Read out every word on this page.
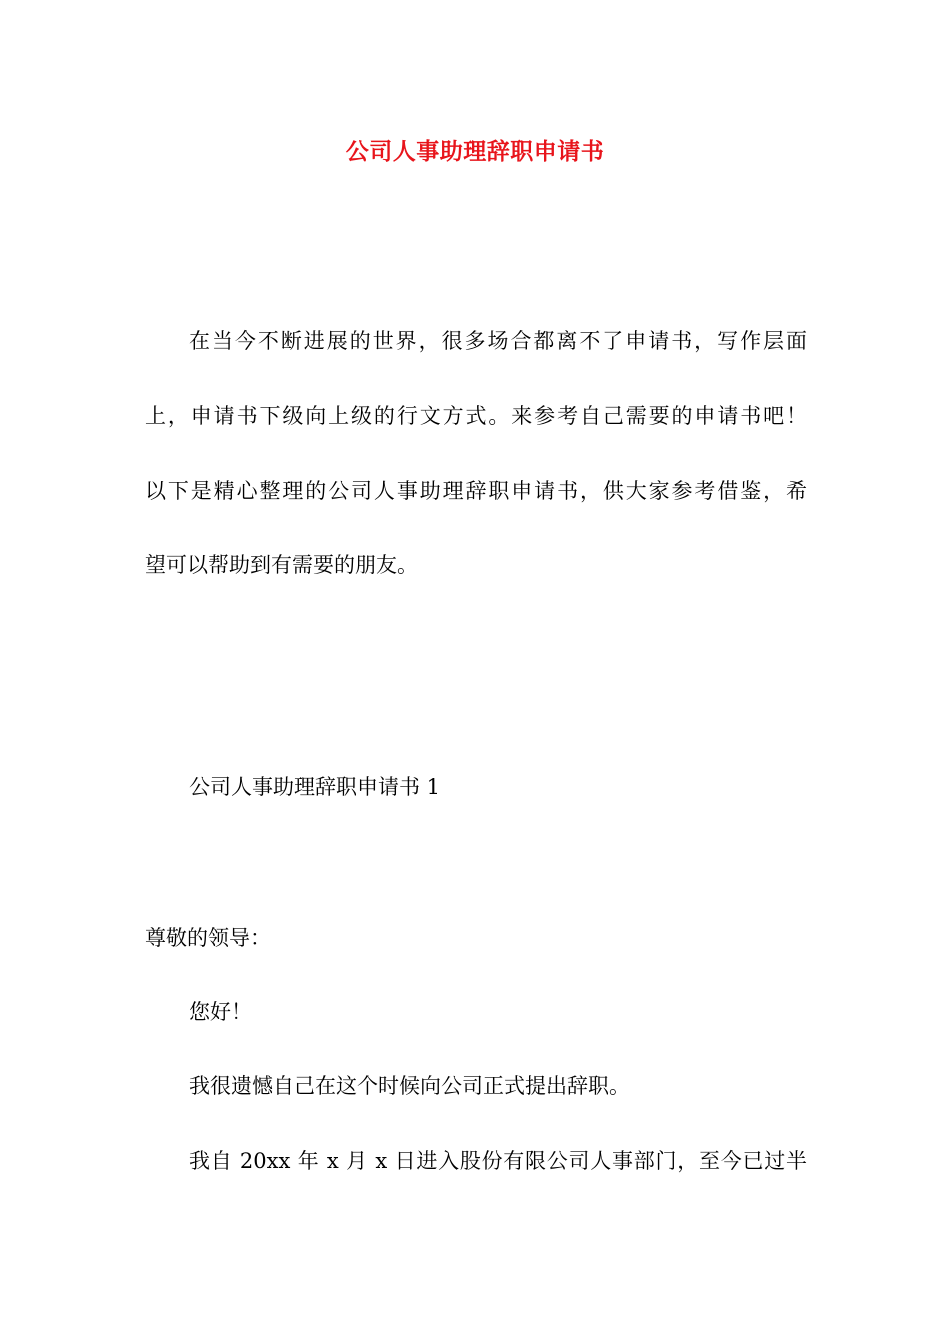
公司人事助理辞职申请书
在当今不断进展的世界，很多场合都离不了申请书，写作层面
上，申请书下级向上级的行文方式。来参考自己需要的申请书吧！
以下是精心整理的公司人事助理辞职申请书，供大家参考借鉴，希
望可以帮助到有需要的朋友。
公司人事助理辞职申请书 1
尊敬的领导：
您好！
我很遗憾自己在这个时候向公司正式提出辞职。
我自 20xx 年 x 月 x 日进入股份有限公司人事部门，至今已过半
